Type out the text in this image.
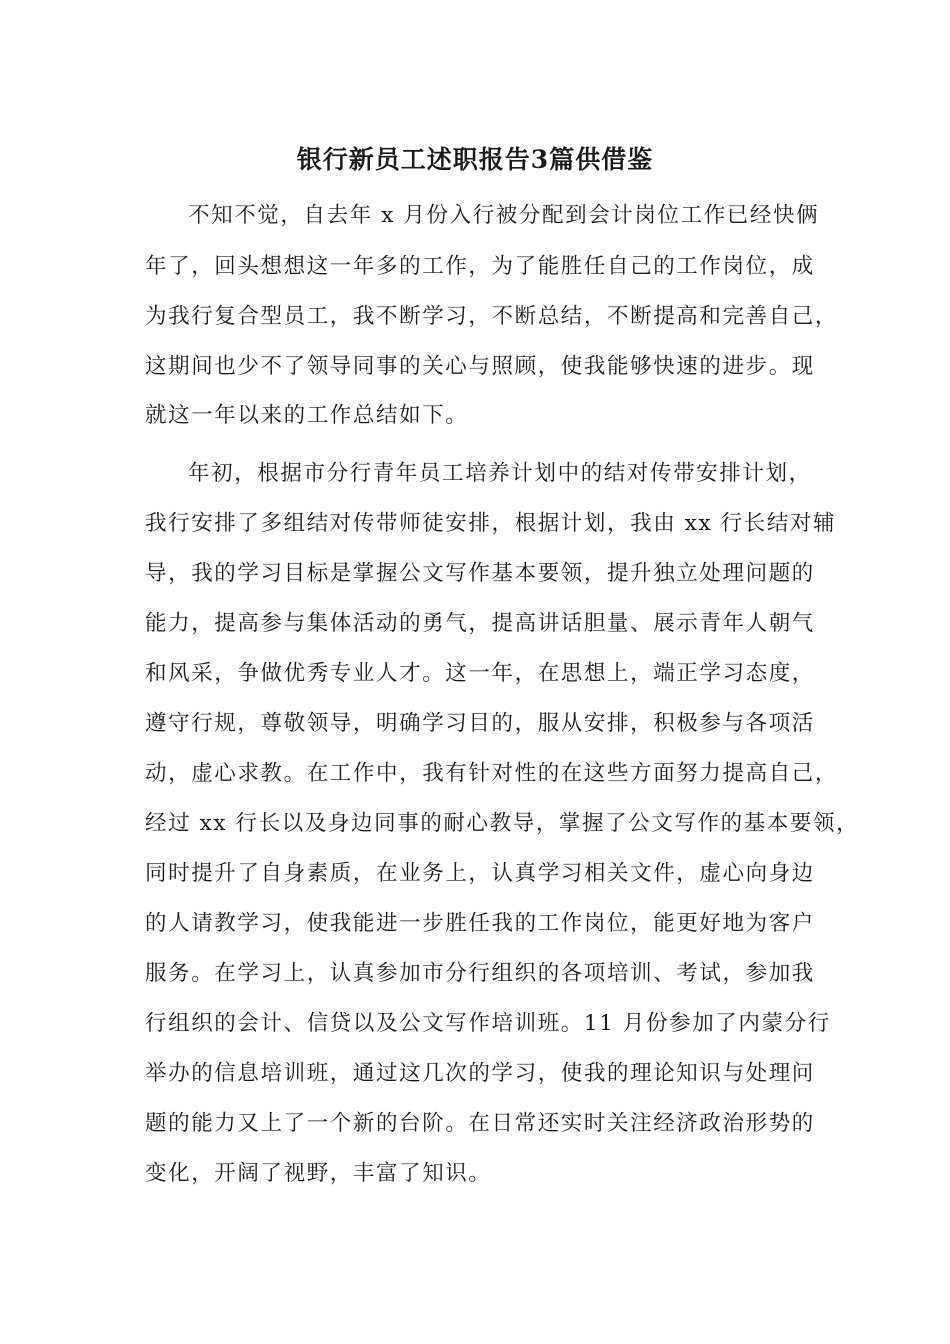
银行新员工述职报告3篇供借鉴
不知不觉，自去年 x 月份入行被分配到会计岗位工作已经快俩
年了，回头想想这一年多的工作，为了能胜任自己的工作岗位，成
为我行复合型员工，我不断学习，不断总结，不断提高和完善自己，
这期间也少不了领导同事的关心与照顾，使我能够快速的进步。现
就这一年以来的工作总结如下。
年初，根据市分行青年员工培养计划中的结对传带安排计划，
我行安排了多组结对传带师徒安排，根据计划，我由 xx 行长结对辅
导，我的学习目标是掌握公文写作基本要领，提升独立处理问题的
能力，提高参与集体活动的勇气，提高讲话胆量、展示青年人朝气
和风采，争做优秀专业人才。这一年，在思想上，端正学习态度，
遵守行规，尊敬领导，明确学习目的，服从安排，积极参与各项活
动，虚心求教。在工作中，我有针对性的在这些方面努力提高自己，
经过 xx 行长以及身边同事的耐心教导，掌握了公文写作的基本要领，
同时提升了自身素质，在业务上，认真学习相关文件，虚心向身边
的人请教学习，使我能进一步胜任我的工作岗位，能更好地为客户
服务。在学习上，认真参加市分行组织的各项培训、考试，参加我
行组织的会计、信贷以及公文写作培训班。11 月份参加了内蒙分行
举办的信息培训班，通过这几次的学习，使我的理论知识与处理问
题的能力又上了一个新的台阶。在日常还实时关注经济政治形势的
变化，开阔了视野，丰富了知识。
